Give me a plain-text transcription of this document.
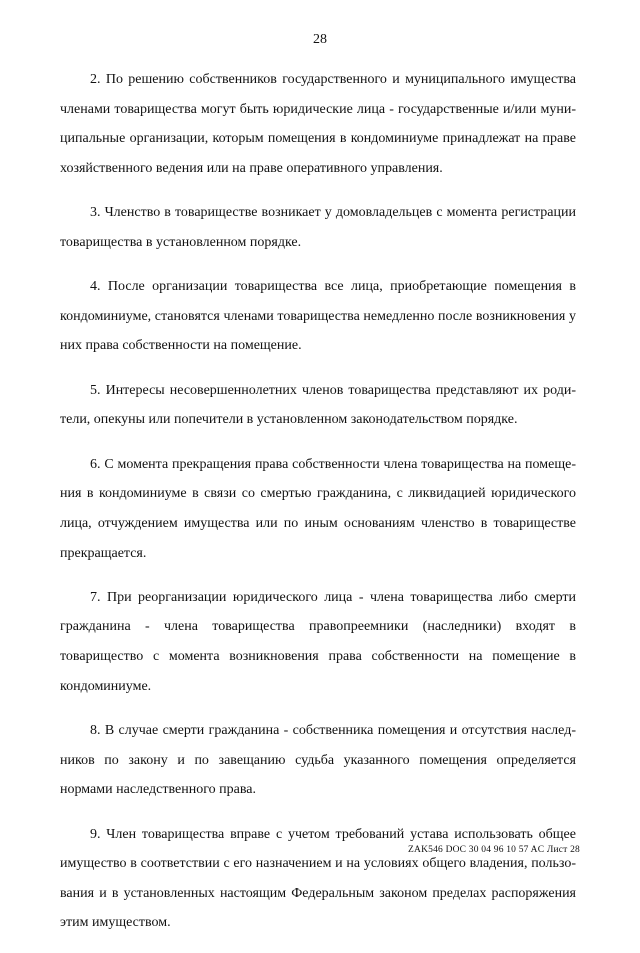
28

2. По решению собственников государственного и муниципального имущества членами товарищества могут быть юридические лица - государственные и/или муниципальные организации, которым помещения в кондоминиуме принадлежат на праве хозяйственного ведения или на праве оперативного управления.

3. Членство в товариществе возникает у домовладельцев с момента регистрации товарищества в установленном порядке.

4. После организации товарищества все лица, приобретающие помещения в кондоминиуме, становятся членами товарищества немедленно после возникновения у них права собственности на помещение.

5. Интересы несовершеннолетних членов товарищества представляют их родители, опекуны или попечители в установленном законодательством порядке.

6. С момента прекращения права собственности члена товарищества на помещения в кондоминиуме в связи со смертью гражданина, с ликвидацией юридического лица, отчуждением имущества или по иным основаниям членство в товариществе прекращается.

7. При реорганизации юридического лица - члена товарищества либо смерти гражданина - члена товарищества правопреемники (наследники) входят в товарищество с момента возникновения права собственности на помещение в кондоминиуме.

8. В случае смерти гражданина - собственника помещения и отсутствия наследников по закону и по завещанию судьба указанного помещения определяется нормами наследственного права.

9. Член товарищества вправе с учетом требований устава использовать общее имущество в соответствии с его назначением и на условиях общего владения, пользования и в установленных настоящим Федеральным законом пределах распоряжения этим имуществом.

ZAK546 DOC 30 04 96 10 57 AC Лист 28
